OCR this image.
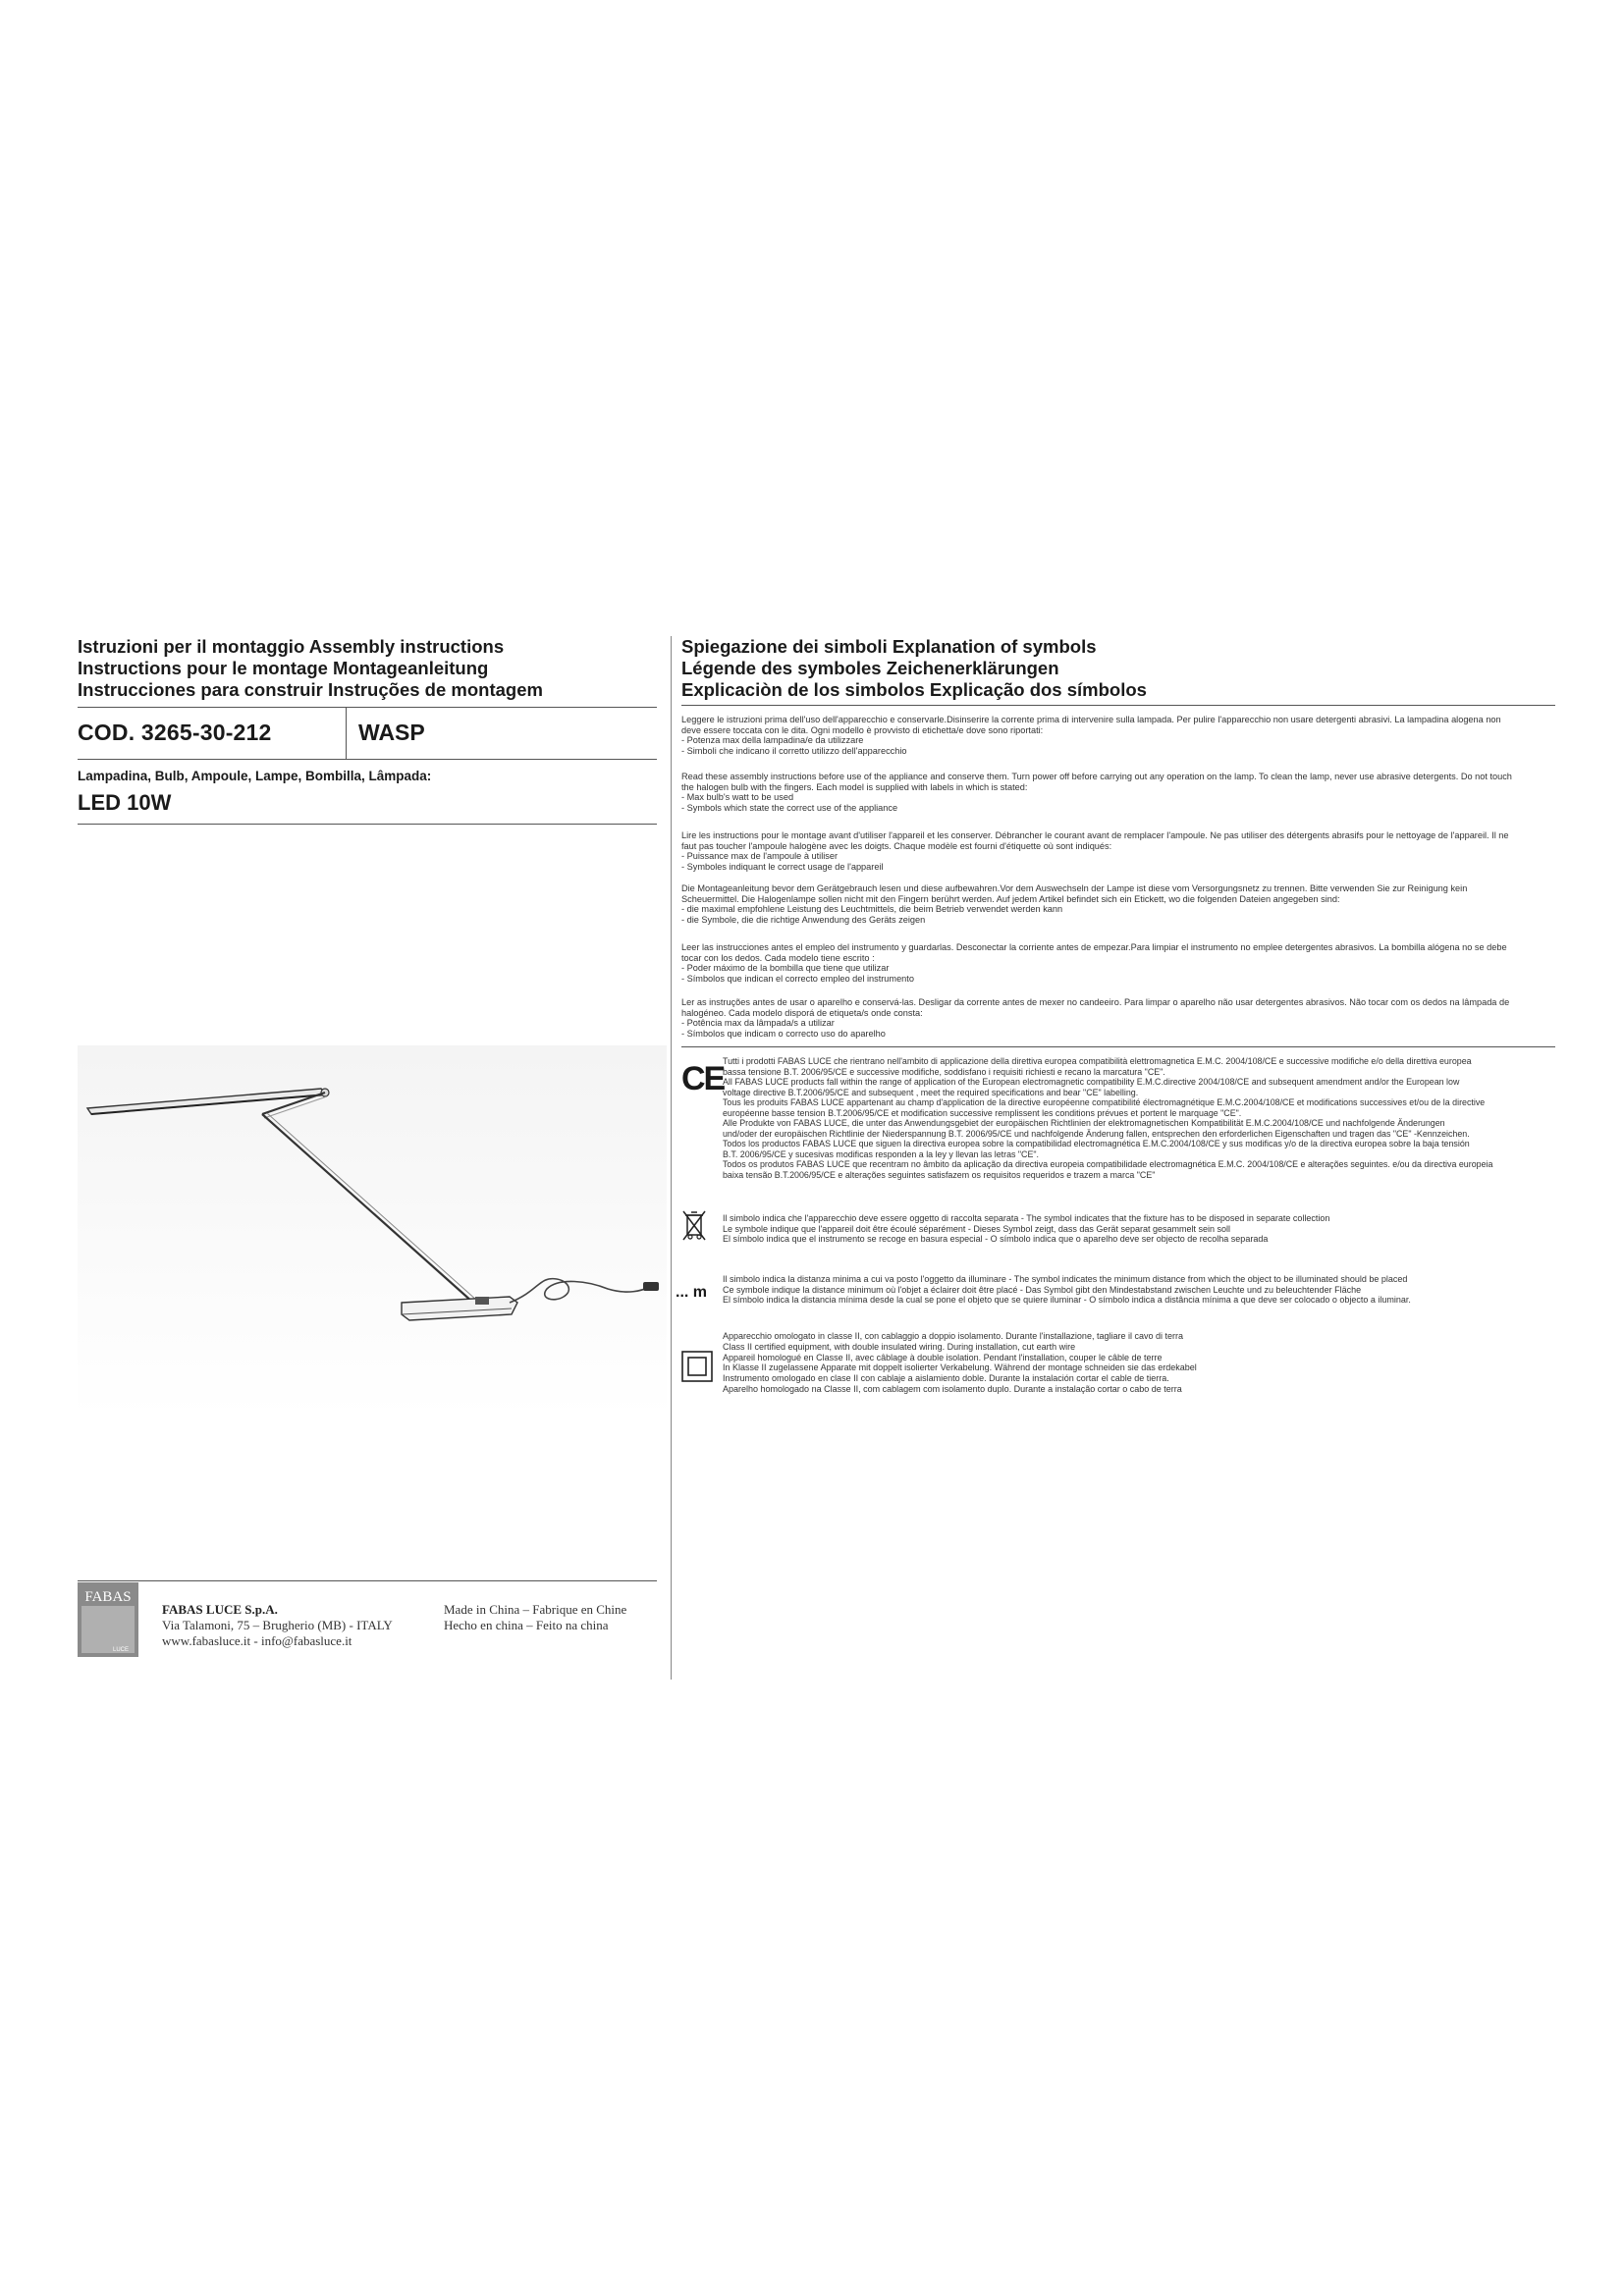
Istruzioni per il montaggio Assembly instructions
Instructions pour le montage Montageanleitung
Instrucciones para construir Instruções de montagem
COD. 3265-30-212	WASP
Lampadina, Bulb, Ampoule, Lampe, Bombilla, Lâmpada:
LED 10W
FABAS
LUCE
FABAS LUCE S.p.A.
Via Talamoni, 75 – Brugherio (MB) - ITALY
www.fabasluce.it - info@fabasluce.it
Made in China – Fabrique en Chine
Hecho en china – Feito na china
Spiegazione dei simboli Explanation of symbols
Légende des symboles Zeichenerklärungen
Explicaciòn de los simbolos Explicação dos símbolos
Leggere le istruzioni prima dell'uso dell'apparecchio e conservarle.Disinserire la corrente prima di intervenire sulla lampada. Per pulire l'apparecchio non usare detergenti abrasivi. La lampadina alogena non
deve essere toccata con le dita. Ogni modello è provvisto di etichetta/e dove sono riportati:
- Potenza max della lampadina/e da utilizzare
- Simboli che indicano il corretto utilizzo dell'apparecchio
Read these assembly instructions before use of the appliance and conserve them. Turn power off before carrying out any operation on the lamp. To clean the lamp, never use abrasive detergents. Do not touch
the halogen bulb with the fingers. Each model is supplied with labels in which is stated:
- Max bulb's watt to be used
- Symbols which state the correct use of the appliance
Lire les instructions pour le montage avant d'utiliser l'appareil et les conserver. Débrancher le courant avant de remplacer l'ampoule. Ne pas utiliser des détergents abrasifs pour le nettoyage de l'appareil. Il ne
faut pas toucher l'ampoule halogène avec les doigts. Chaque modèle est fourni d'étiquette où sont indiqués:
- Puissance max de l'ampoule à utiliser
- Symboles indiquant le correct usage de l'appareil
Die Montageanleitung bevor dem Gerätgebrauch lesen und diese aufbewahren.Vor dem Auswechseln der Lampe ist diese vom Versorgungsnetz zu trennen. Bitte verwenden Sie zur Reinigung kein
Scheuermittel. Die Halogenlampe sollen nicht mit den Fingern berührt werden. Auf jedem Artikel befindet sich ein Etickett, wo die folgenden Dateien angegeben sind:
- die maximal empfohlene Leistung des Leuchtmittels, die beim Betrieb verwendet werden kann
- die Symbole, die die richtige Anwendung des Geräts zeigen
Leer las instrucciones antes el empleo del instrumento y guardarlas. Desconectar la corriente antes de empezar.Para limpiar el instrumento no emplee detergentes abrasivos. La bombilla alógena no se debe
tocar con los dedos. Cada modelo tiene escrito :
- Poder máximo de la bombilla que tiene que utilizar
- Símbolos que indican el correcto empleo del instrumento
Ler as instruções antes de usar o aparelho e conservá-las. Desligar da corrente antes de mexer no candeeiro. Para limpar o aparelho não usar detergentes abrasivos. Não tocar com os dedos na lâmpada de
halogéneo. Cada modelo disporá de etiqueta/s onde consta:
- Potência max da lâmpada/s a utilizar
- Símbolos que indicam o correcto uso do aparelho
CE
Tutti i prodotti FABAS LUCE che rientrano nell'ambito di applicazione della direttiva europea compatibilità elettromagnetica E.M.C. 2004/108/CE e successive modifiche e/o della direttiva europea
bassa tensione B.T. 2006/95/CE e successive modifiche, soddisfano i requisiti richiesti e recano la marcatura "CE".
All FABAS LUCE products fall within the range of application of the European electromagnetic compatibility E.M.C.directive 2004/108/CE and subsequent amendment and/or the European low
voltage directive B.T.2006/95/CE and subsequent , meet the required specifications and bear "CE" labelling.
Tous les produits FABAS LUCE appartenant au champ d'application de la directive européenne compatibilité électromagnétique E.M.C.2004/108/CE et modifications successives et/ou de la directive
européenne basse tension B.T.2006/95/CE et modification successive remplissent les conditions prévues et portent le marquage "CE".
Alle Produkte von FABAS LUCE, die unter das Anwendungsgebiet der europäischen Richtlinien der elektromagnetischen Kompatibilität E.M.C.2004/108/CE und nachfolgende Änderungen
und/oder der europäischen Richtlinie der Niederspannung B.T. 2006/95/CE und nachfolgende Änderung fallen, entsprechen den erforderlichen Eigenschaften und tragen das "CE" -Kennzeichen.
Todos los productos FABAS LUCE que siguen la directiva europea sobre la compatibilidad electromagnética E.M.C.2004/108/CE y sus modificas y/o de la directiva europea sobre la baja tensión
B.T. 2006/95/CE y sucesivas modificas responden a la ley y llevan las letras "CE".
Todos os produtos FABAS LUCE que recentram no âmbito da aplicação da directiva europeia compatibilidade electromagnética E.M.C. 2004/108/CE e alterações seguintes. e/ou da directiva europeia
baixa tensão B.T.2006/95/CE e alterações seguintes satisfazem os requisitos requeridos e trazem a marca "CE"
Il simbolo indica che l'apparecchio deve essere oggetto di raccolta separata - The symbol indicates that the fixture has to be disposed in separate collection
Le symbole indique que l'appareil doit être écoulé séparément - Dieses Symbol zeigt, dass das Gerät separat gesammelt sein soll
El símbolo indica que el instrumento se recoge en basura especial - O símbolo indica que o aparelho deve ser objecto de recolha separada
... m
Il simbolo indica la distanza minima a cui va posto l'oggetto da illuminare - The symbol indicates the minimum distance from which the object to be illuminated should be placed
Ce symbole indique la distance minimum où l'objet a éclairer doit être placé - Das Symbol gibt den Mindestabstand zwischen Leuchte und zu beleuchtender Fläche
El símbolo indica la distancia mínima desde la cual se pone el objeto que se quiere iluminar - O símbolo indica a distância mínima a que deve ser colocado o objecto a iluminar.
Apparecchio omologato in classe II, con cablaggio a doppio isolamento. Durante l'installazione, tagliare il cavo di terra
Class II certified equipment, with double insulated wiring. During installation, cut earth wire
Appareil homologué en Classe II, avec câblage à double isolation. Pendant l'installation, couper le câble de terre
In Klasse II zugelassene Apparate mit doppelt isolierter Verkabelung. Während der montage schneiden sie das erdekabel
Instrumento omologado en clase II con cablaje a aislamiento doble. Durante la instalación cortar el cable de tierra.
Aparelho homologado na Classe II, com cablagem com isolamento duplo. Durante a instalação cortar o cabo de terra
